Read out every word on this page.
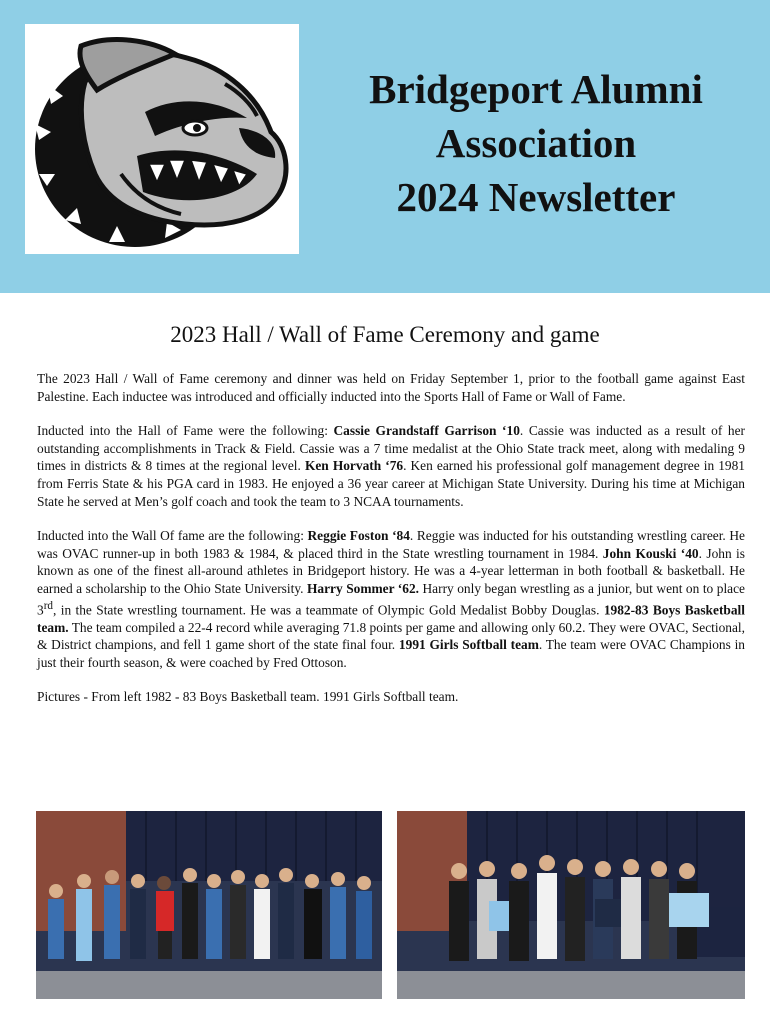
Bridgeport Alumni
Association
2024 Newsletter
2023 Hall / Wall of Fame Ceremony and game

The 2023 Hall / Wall of Fame ceremony and dinner was held on Friday September 1, prior to the football game against East Palestine. Each inductee was introduced and officially inducted into the Sports Hall of Fame or Wall of Fame.

Inducted into the Hall of Fame were the following: Cassie Grandstaff Garrison ‘10. Cassie was inducted as a result of her outstanding accomplishments in Track & Field. Cassie was a 7 time medalist at the Ohio State track meet, along with medaling 9 times in districts & 8 times at the regional level. Ken Horvath ‘76. Ken earned his professional golf management degree in 1981 from Ferris State & his PGA card in 1983. He enjoyed a 36 year career at Michigan State University. During his time at Michigan State he served at Men’s golf coach and took the team to 3 NCAA tournaments.

Inducted into the Wall Of fame are the following: Reggie Foston ‘84. Reggie was inducted for his outstanding wrestling career. He was OVAC runner-up in both 1983 & 1984, & placed third in the State wrestling tournament in 1984. John Kouski ‘40. John is known as one of the finest all-around athletes in Bridgeport history. He was a 4-year letterman in both football & basketball. He earned a scholarship to the Ohio State University. Harry Sommer ‘62. Harry only began wrestling as a junior, but went on to place 3rd, in the State wrestling tournament. He was a teammate of Olympic Gold Medalist Bobby Douglas. 1982-83 Boys Basketball team. The team compiled a 22-4 record while averaging 71.8 points per game and allowing only 60.2. They were OVAC, Sectional, & District champions, and fell 1 game short of the state final four. 1991 Girls Softball team. The team were OVAC Champions in just their fourth season, & were coached by Fred Ottoson.

Pictures - From left 1982 - 83 Boys Basketball team. 1991 Girls Softball team.
